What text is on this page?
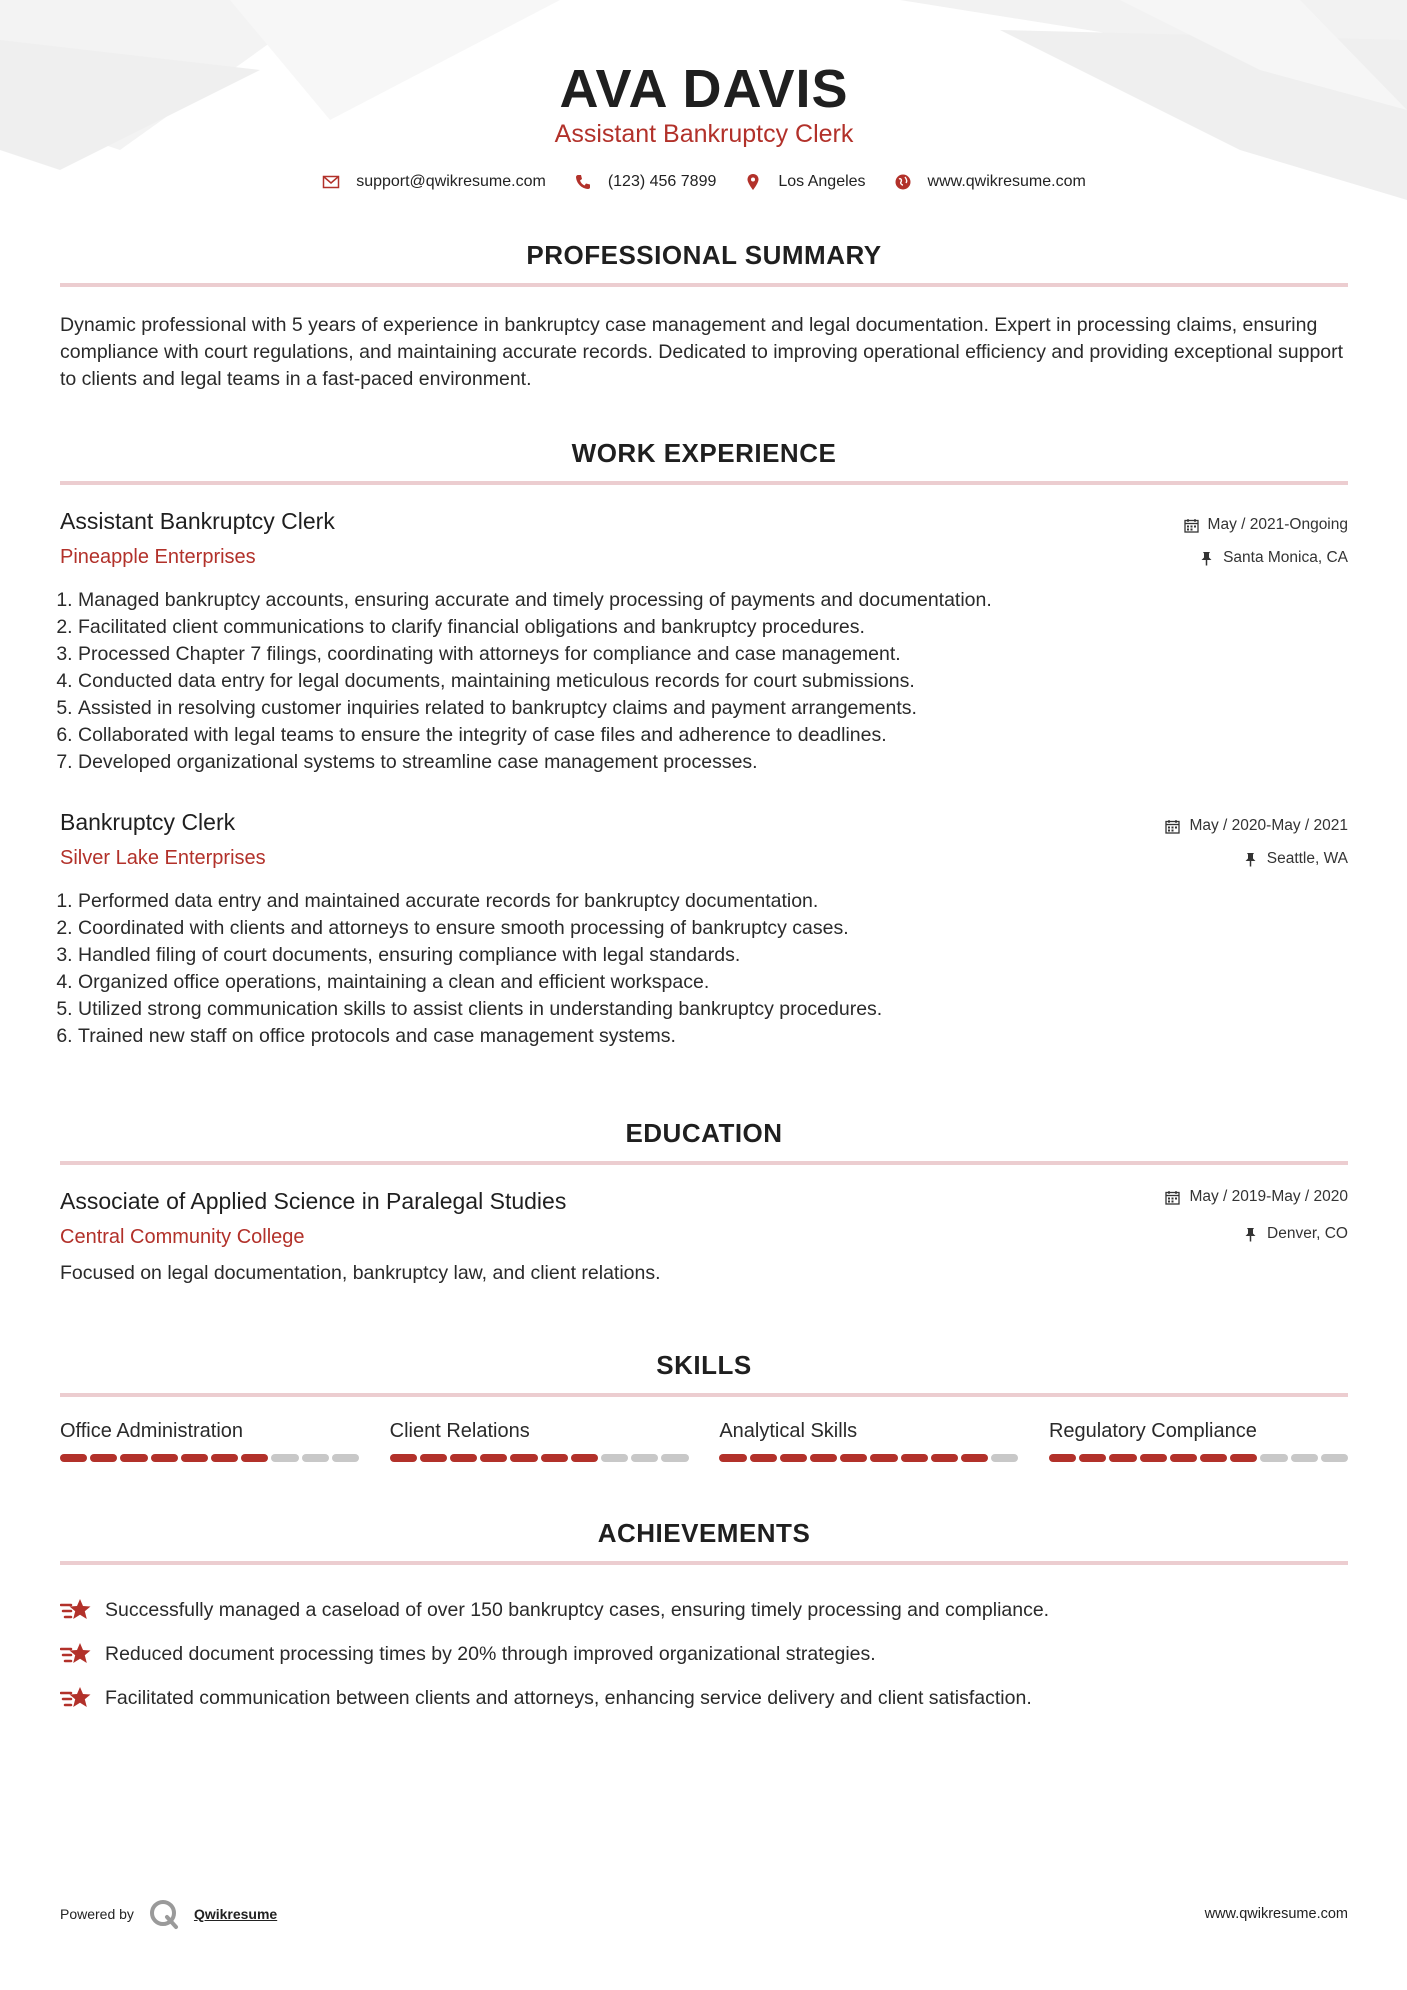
AVA DAVIS
Assistant Bankruptcy Clerk
support@qwikresume.com	(123) 456 7899	Los Angeles	www.qwikresume.com
PROFESSIONAL SUMMARY
Dynamic professional with 5 years of experience in bankruptcy case management and legal documentation. Expert in processing claims, ensuring compliance with court regulations, and maintaining accurate records. Dedicated to improving operational efficiency and providing exceptional support to clients and legal teams in a fast-paced environment.
WORK EXPERIENCE
Assistant Bankruptcy Clerk
Pineapple Enterprises
May / 2021-Ongoing
Santa Monica, CA
1. Managed bankruptcy accounts, ensuring accurate and timely processing of payments and documentation.
2. Facilitated client communications to clarify financial obligations and bankruptcy procedures.
3. Processed Chapter 7 filings, coordinating with attorneys for compliance and case management.
4. Conducted data entry for legal documents, maintaining meticulous records for court submissions.
5. Assisted in resolving customer inquiries related to bankruptcy claims and payment arrangements.
6. Collaborated with legal teams to ensure the integrity of case files and adherence to deadlines.
7. Developed organizational systems to streamline case management processes.
Bankruptcy Clerk
Silver Lake Enterprises
May / 2020-May / 2021
Seattle, WA
1. Performed data entry and maintained accurate records for bankruptcy documentation.
2. Coordinated with clients and attorneys to ensure smooth processing of bankruptcy cases.
3. Handled filing of court documents, ensuring compliance with legal standards.
4. Organized office operations, maintaining a clean and efficient workspace.
5. Utilized strong communication skills to assist clients in understanding bankruptcy procedures.
6. Trained new staff on office protocols and case management systems.
EDUCATION
Associate of Applied Science in Paralegal Studies
Central Community College
May / 2019-May / 2020
Denver, CO
Focused on legal documentation, bankruptcy law, and client relations.
SKILLS
Office Administration	Client Relations	Analytical Skills	Regulatory Compliance
ACHIEVEMENTS
Successfully managed a caseload of over 150 bankruptcy cases, ensuring timely processing and compliance.
Reduced document processing times by 20% through improved organizational strategies.
Facilitated communication between clients and attorneys, enhancing service delivery and client satisfaction.
Powered by	Qwikresume	www.qwikresume.com
